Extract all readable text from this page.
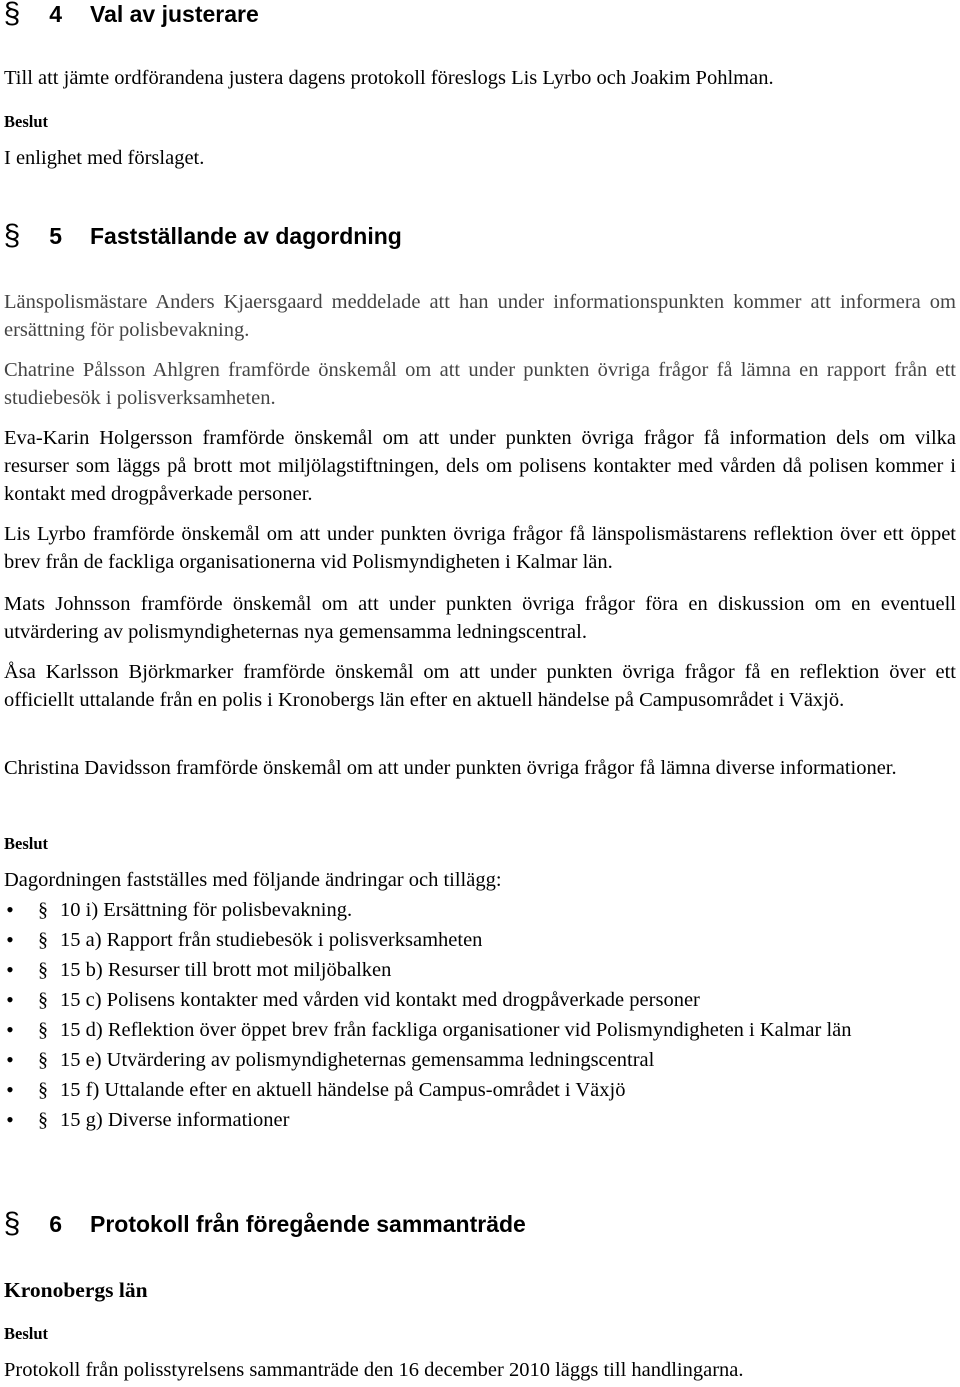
§	4	Val av justerare

Till att jämte ordförandena justera dagens protokoll föreslogs Lis Lyrbo och Joakim Pohlman.

Beslut

I enlighet med förslaget.

§	5	Fastställande av dagordning

Länspolismästare Anders Kjaersgaard meddelade att han under informationspunkten kommer att informera om ersättning för polisbevakning.

Chatrine Pålsson Ahlgren framförde önskemål om att under punkten övriga frågor få lämna en rapport från ett studiebesök i polisverksamheten.

Eva-Karin Holgersson framförde önskemål om att under punkten övriga frågor få information dels om vilka resurser som läggs på brott mot miljölagstiftningen, dels om polisens kontakter med vården då polisen kommer i kontakt med drogpåverkade personer.

Lis Lyrbo framförde önskemål om att under punkten övriga frågor få länspolismästarens reflektion över ett öppet brev från de fackliga organisationerna vid Polismyndigheten i Kalmar län.

Mats Johnsson framförde önskemål om att under punkten övriga frågor föra en diskussion om en eventuell utvärdering av polismyndigheternas nya gemensamma ledningscentral.

Åsa Karlsson Björkmarker framförde önskemål om att under punkten övriga frågor få en reflektion över ett officiellt uttalande från en polis i Kronobergs län efter en aktuell händelse på Campusområdet i Växjö.

Christina Davidsson framförde önskemål om att under punkten övriga frågor få lämna diverse informationer.

Beslut

Dagordningen fastställes med följande ändringar och tillägg:

• § 10 i) Ersättning för polisbevakning.
• § 15 a) Rapport från studiebesök i polisverksamheten
• § 15 b) Resurser till brott mot miljöbalken
• § 15 c) Polisens kontakter med vården vid kontakt med drogpåverkade personer
• § 15 d) Reflektion över öppet brev från fackliga organisationer vid Polismyndigheten i Kalmar län
• § 15 e) Utvärdering av polismyndigheternas gemensamma ledningscentral
• § 15 f) Uttalande efter en aktuell händelse på Campus-området i Växjö
• § 15 g) Diverse informationer
§	6	Protokoll från föregående sammanträde
Kronobergs län
Beslut

Protokoll från polisstyrelsens sammanträde den 16 december 2010 läggs till handlingarna.
